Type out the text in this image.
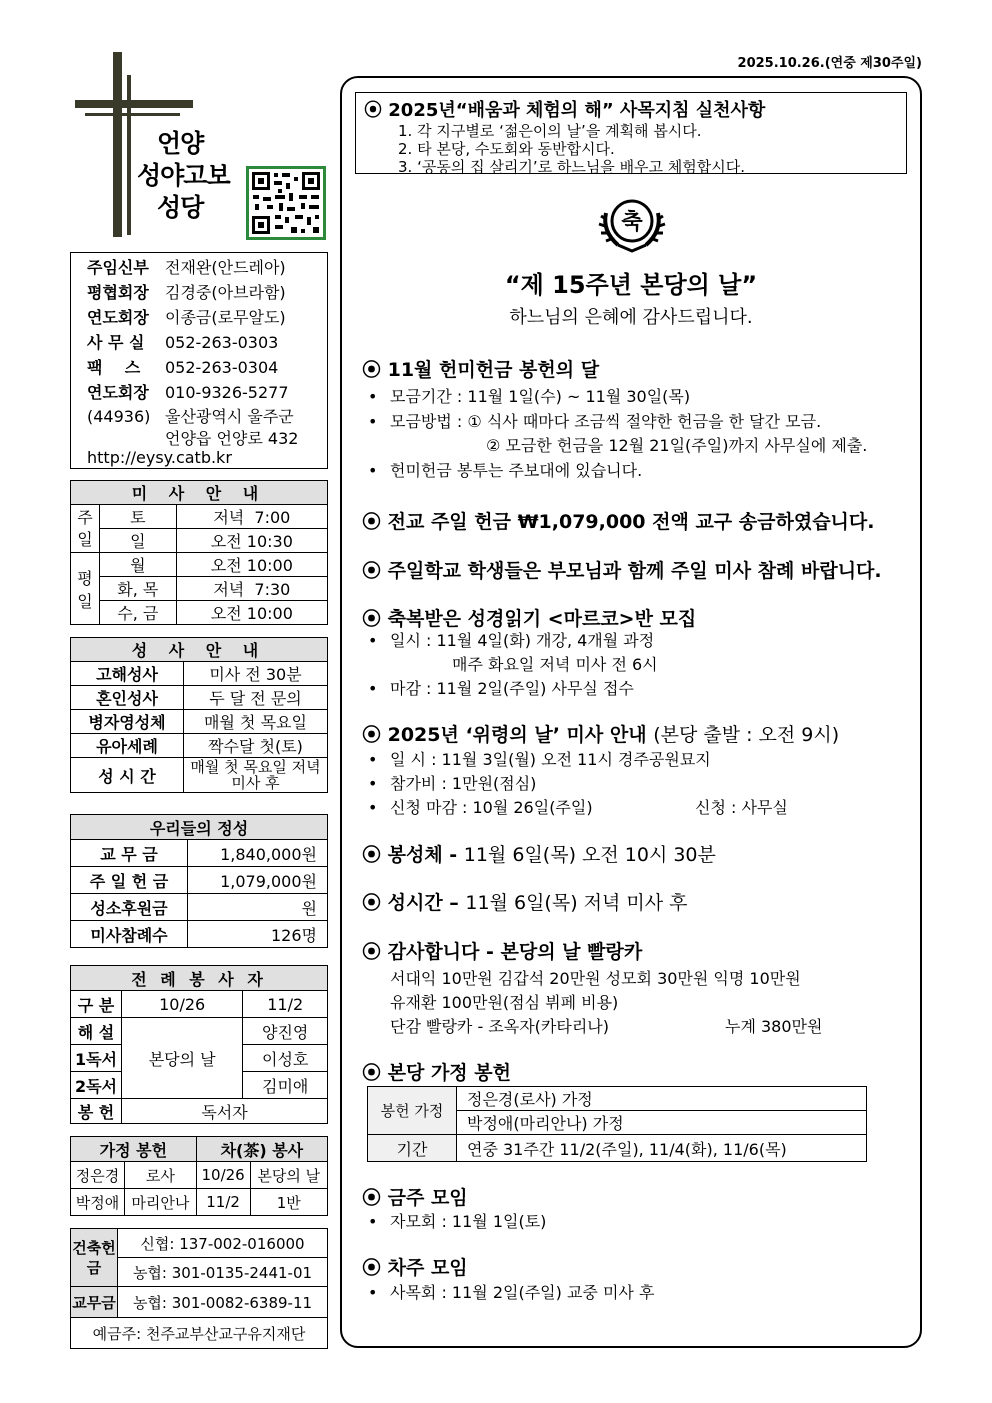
2025.10.26.(연중 제30주일)
언양
성야고보
성당
주임신부 전재완(안드레아)
평협회장 김경중(아브라함)
연도회장 이종금(로무알도)
사 무 실 052-263-0303
팩    스 052-263-0304
연도회장 010-9326-5277
(44936) 울산광역시 울주군
언양읍 언양로 432
http://eysy.catb.kr
미 사 안 내		
주일	토	저녁  7:00
	일	오전 10:30
평일	월	오전 10:00
	화, 목	저녁  7:30
	수, 금	오전 10:00
성 사 안 내	
고해성사	미사 전 30분
혼인성사	두 달 전 문의
병자영성체	매월 첫 목요일
유아세례	짝수달 첫(토)
성 시 간	매월 첫 목요일 저녁미사 후
우리들의 정성	
교 무 금	1,840,000원
주 일 헌 금	1,079,000원
성소후원금	원
미사참례수	126명
전 례 봉 사 자		
구 분	10/26	11/2
해 설	본당의 날	양진영
1독서		이성호
2독서		김미애
봉 헌	독서자	
가정 봉헌		차(茶) 봉사	
정은경	로사	10/26	본당의 날
박정애	마리안나	11/2	1반
건축헌금	신협: 137-002-016000
	농협: 301-0135-2441-01
교무금	농협: 301-0082-6389-11
예금주: 천주교부산교구유지재단	
⦿ 2025년“배움과 체험의 해” 사목지침 실천사항
1. 각 지구별로 ‘젊은이의 날’을 계획해 봅시다.
2. 타 본당, 수도회와 동반합시다.
3. ‘공동의 집 살리기’로 하느님을 배우고 체험합시다.
축
“제 15주년 본당의 날”
하느님의 은혜에 감사드립니다.
⦿ 11월 헌미헌금 봉헌의 달
• 모금기간 : 11월 1일(수) ~ 11월 30일(목)
• 모금방법 : ① 식사 때마다 조금씩 절약한 헌금을 한 달간 모금.
② 모금한 헌금을 12월 21일(주일)까지 사무실에 제출.
• 헌미헌금 봉투는 주보대에 있습니다.
⦿ 전교 주일 헌금 ₩1,079,000 전액 교구 송금하였습니다.
⦿ 주일학교 학생들은 부모님과 함께 주일 미사 참례 바랍니다.
⦿ 축복받은 성경읽기 <마르코>반 모집
• 일시 : 11월 4일(화) 개강, 4개월 과정
매주 화요일 저녁 미사 전 6시
• 마감 : 11월 2일(주일) 사무실 접수
⦿ 2025년 ‘위령의 날’ 미사 안내 (본당 출발 : 오전 9시)
• 일 시 : 11월 3일(월) 오전 11시 경주공원묘지
• 참가비 : 1만원(점심)
• 신청 마감 : 10월 26일(주일)	신청 : 사무실
⦿ 봉성체 - 11월 6일(목) 오전 10시 30분
⦿ 성시간 – 11월 6일(목) 저녁 미사 후
⦿ 감사합니다 - 본당의 날 빨랑카
서대익 10만원 김갑석 20만원 성모회 30만원 익명 10만원
유재환 100만원(점심 뷔페 비용)
단감 빨랑카 - 조옥자(카타리나)	누계 380만원
⦿ 본당 가정 봉헌
봉헌 가정	정은경(로사) 가정
	박정애(마리안나) 가정
기간	연중 31주간 11/2(주일), 11/4(화), 11/6(목)
⦿ 금주 모임
• 자모회 : 11월 1일(토)
⦿ 차주 모임
• 사목회 : 11월 2일(주일) 교중 미사 후
